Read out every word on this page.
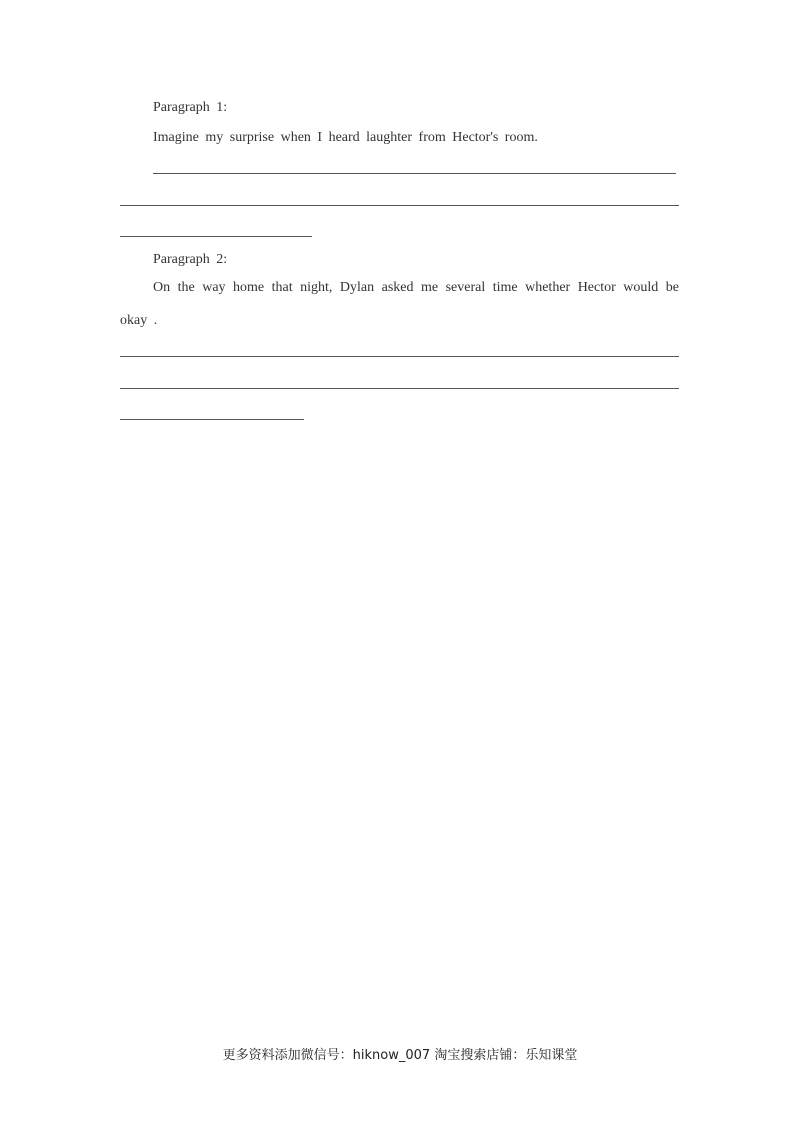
Paragraph 1:
Imagine my surprise when I heard laughter from Hector's room.
Paragraph 2:
On the way home that night, Dylan asked me several time whether Hector would be
okay .
更多资料添加微信号：hiknow_007 淘宝搜索店铺：乐知课堂
